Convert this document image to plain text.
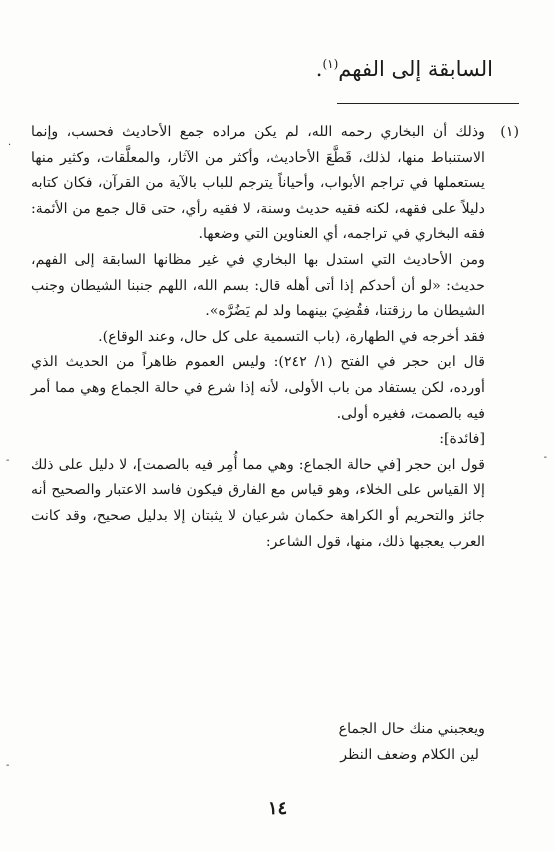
السابقة إلى الفهم$^{(١)}$.

(١)

وذلك أن البخاري رحمه الله، لم يكن مراده جمع الأحاديث فحسب، وإنما الاستنباط منها، لذلك، قَطَّعَ الأحاديث، وأكثر من الآثار، والمعلَّقات، وكثير منها يستعملها في تراجم الأبواب، وأحياناً يترجم للباب بالآية من القرآن، فكان كتابه دليلاً على فقهه، لكنه فقيه حديث وسنة، لا فقيه رأي، حتى قال جمع من الأئمة: فقه البخاري في تراجمه، أي العناوين التي وضعها.

ومن الأحاديث التي استدل بها البخاري في غير مظانها السابقة إلى الفهم، حديث: «لو أن أحدكم إذا أتى أهله قال: بسم الله، اللهم جنبنا الشيطان وجنب الشيطان ما رزقتنا، فقُضِيَ بينهما ولد لم يَضُرَّه».

فقد أخرجه في الطهارة، (باب التسمية على كل حال، وعند الوقاع).

قال ابن حجر في الفتح (١/ ٢٤٢): وليس العموم ظاهراً من الحديث الذي أورده، لكن يستفاد من باب الأولى، لأنه إذا شرع في حالة الجماع وهي مما أمر فيه بالصمت، فغيره أولى.

[فائدة]:

قول ابن حجر [في حالة الجماع: وهي مما أُمِر فيه بالصمت]، لا دليل على ذلك إلا القياس على الخلاء، وهو قياس مع الفارق فيكون فاسد الاعتبار والصحيح أنه جائز والتحريم أو الكراهة حكمان شرعيان لا يثبتان إلا بدليل صحيح، وقد كانت العرب يعجبها ذلك، منها، قول الشاعر:

ويعجبني منك حال الجماع
لين الكلام وضعف النظر
١٤
·
-
-
-
